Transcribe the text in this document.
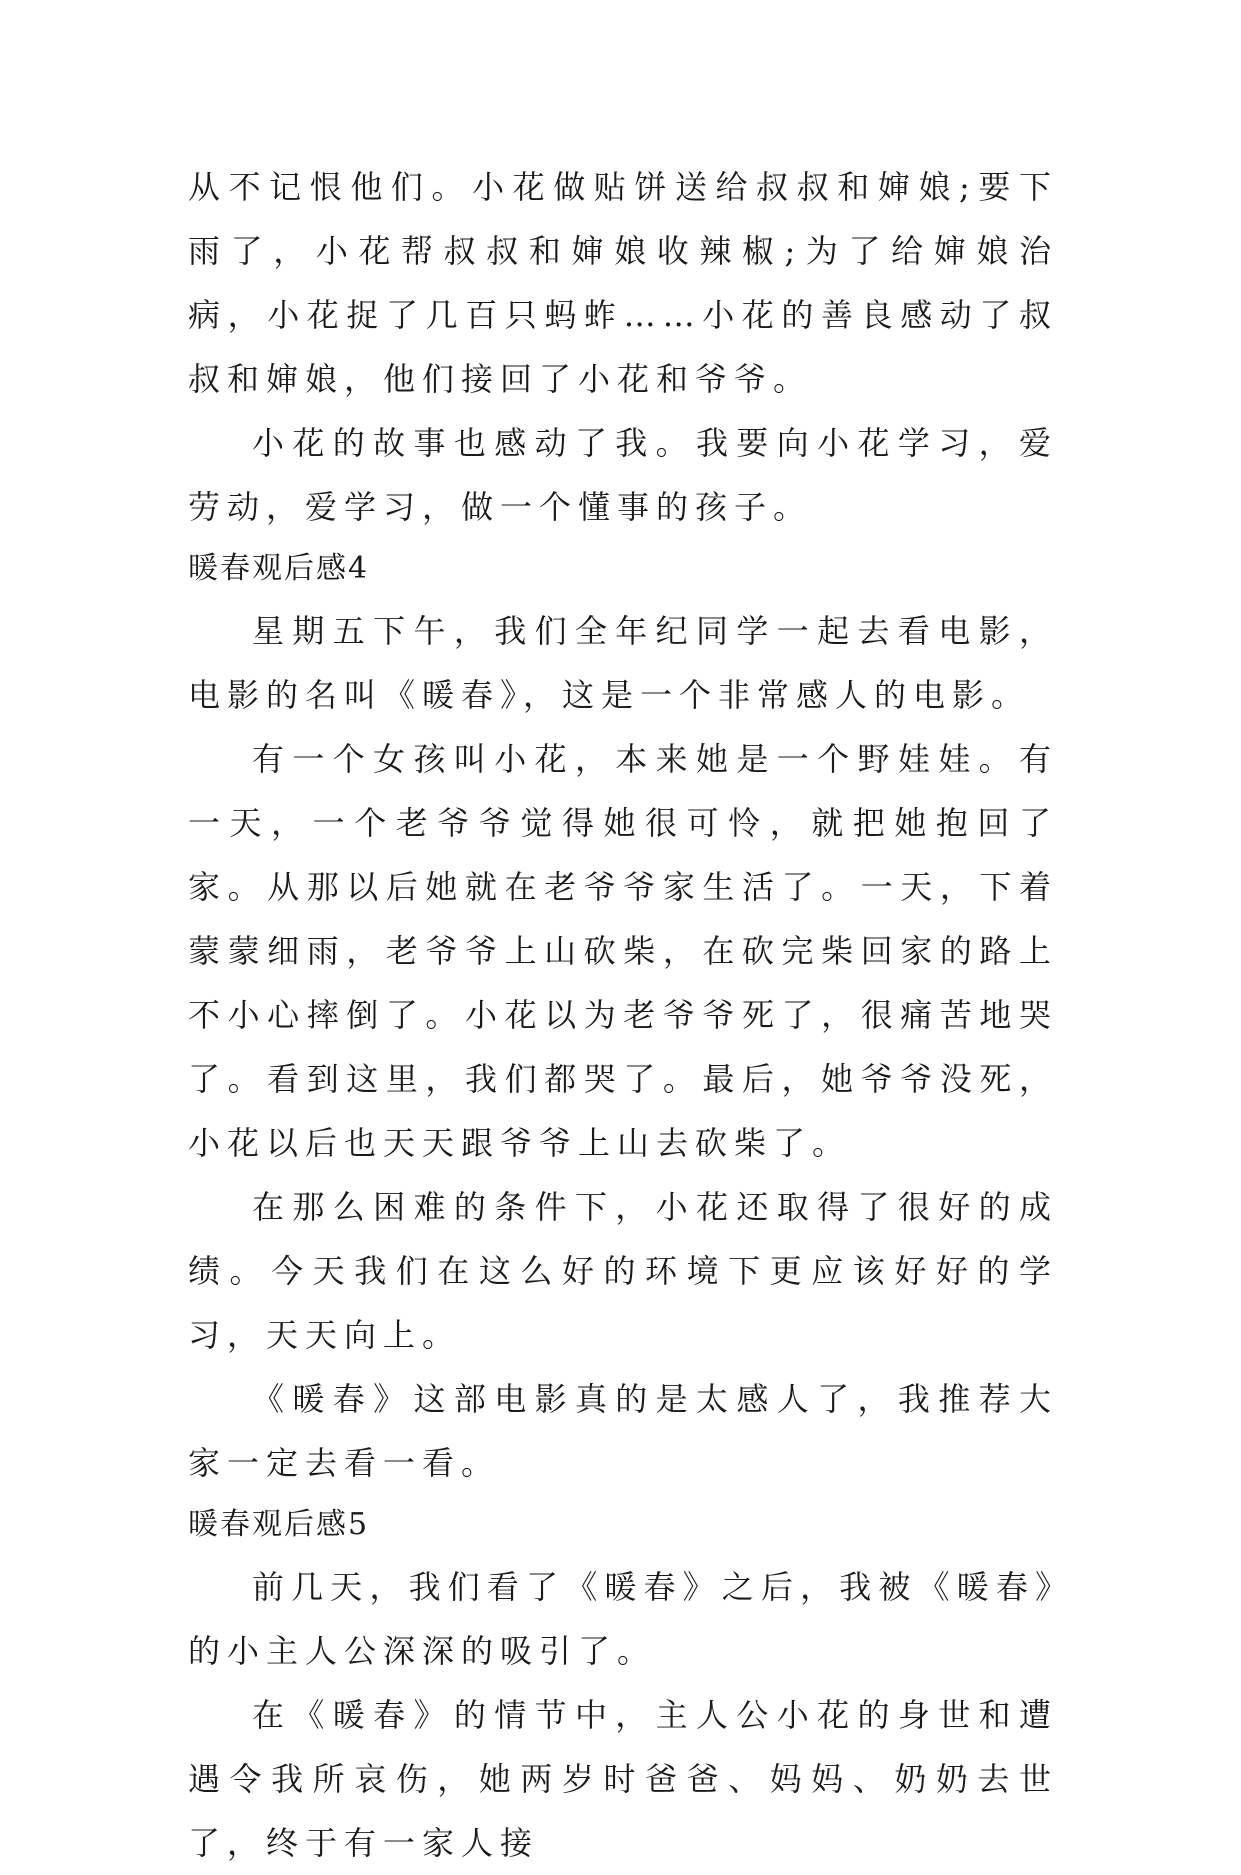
从不记恨他们。小花做贴饼送给叔叔和婶娘;要下雨了，小花帮叔叔和婶娘收辣椒;为了给婶娘治病，小花捉了几百只蚂蚱……小花的善良感动了叔叔和婶娘，他们接回了小花和爷爷。

小花的故事也感动了我。我要向小花学习，爱劳动，爱学习，做一个懂事的孩子。

暖春观后感4

星期五下午，我们全年纪同学一起去看电影，电影的名叫《暖春》，这是一个非常感人的电影。

有一个女孩叫小花，本来她是一个野娃娃。有一天，一个老爷爷觉得她很可怜，就把她抱回了家。从那以后她就在老爷爷家生活了。一天，下着蒙蒙细雨，老爷爷上山砍柴，在砍完柴回家的路上不小心摔倒了。小花以为老爷爷死了，很痛苦地哭了。看到这里，我们都哭了。最后，她爷爷没死，小花以后也天天跟爷爷上山去砍柴了。

在那么困难的条件下，小花还取得了很好的成绩。今天我们在这么好的环境下更应该好好的学习，天天向上。

《暖春》这部电影真的是太感人了，我推荐大家一定去看一看。

暖春观后感5

前几天，我们看了《暖春》之后，我被《暖春》的小主人公深深的吸引了。

在《暖春》的情节中，主人公小花的身世和遭遇令我所哀伤，她两岁时爸爸、妈妈、奶奶去世了，终于有一家人接
